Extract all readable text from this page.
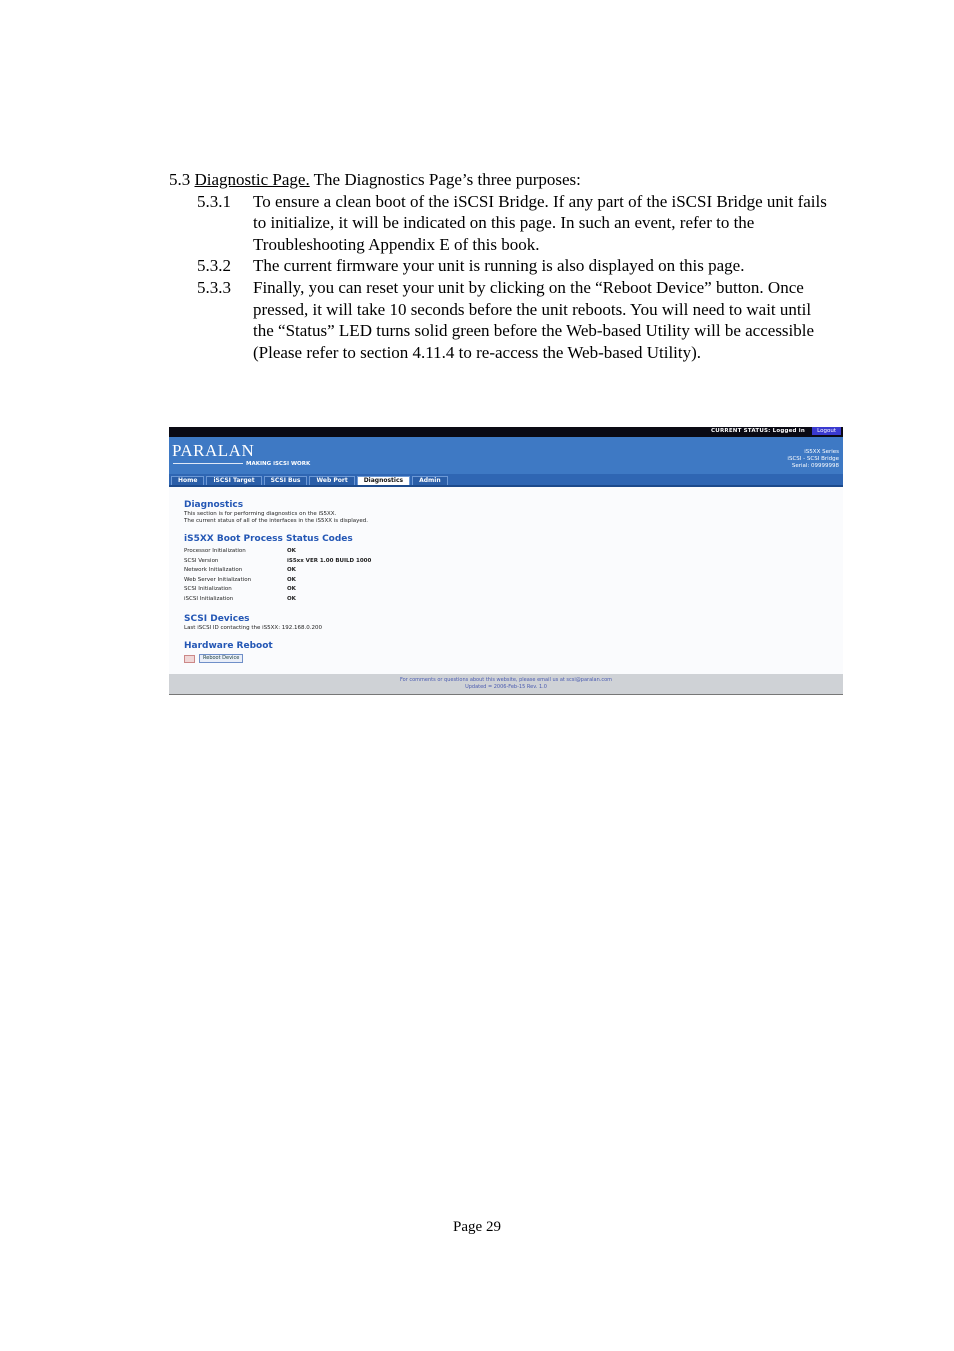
5.3 Diagnostic Page. The Diagnostics Page’s three purposes:

5.3.1 To ensure a clean boot of the iSCSI Bridge. If any part of the iSCSI Bridge unit fails to initialize, it will be indicated on this page. In such an event, refer to the Troubleshooting Appendix E of this book.

5.3.2 The current firmware your unit is running is also displayed on this page.

5.3.3 Finally, you can reset your unit by clicking on the “Reboot Device” button. Once pressed, it will take 10 seconds before the unit reboots. You will need to wait until the “Status” LED turns solid green before the Web-based Utility will be accessible (Please refer to section 4.11.4 to re-access the Web-based Utility).

CURRENT STATUS: Logged in	Logout
PARALAN
MAKING iSCSI WORK
iS5XX Series
iSCSI - SCSI Bridge
Serial: 09999998
Home	iSCSI Target	SCSI Bus	Web Port	Diagnostics	Admin

Diagnostics

This section is for performing diagnostics on the iS5XX.

The current status of all of the interfaces in the iS5XX is displayed.

iS5XX Boot Process Status Codes

Processor Initialization	OK
SCSI Version	iS5xx VER 1.00 BUILD 1000
Network Initialization	OK
Web Server Initialization	OK
SCSI Initialization	OK
iSCSI Initialization	OK

SCSI Devices

Last iSCSI ID contacting the iS5XX: 192.168.0.200

Hardware Reboot

Reboot Device
For comments or questions about this website, please email us at scsi@paralan.com
Updated = 2006-Feb-15 Rev. 1.0
Page 29
